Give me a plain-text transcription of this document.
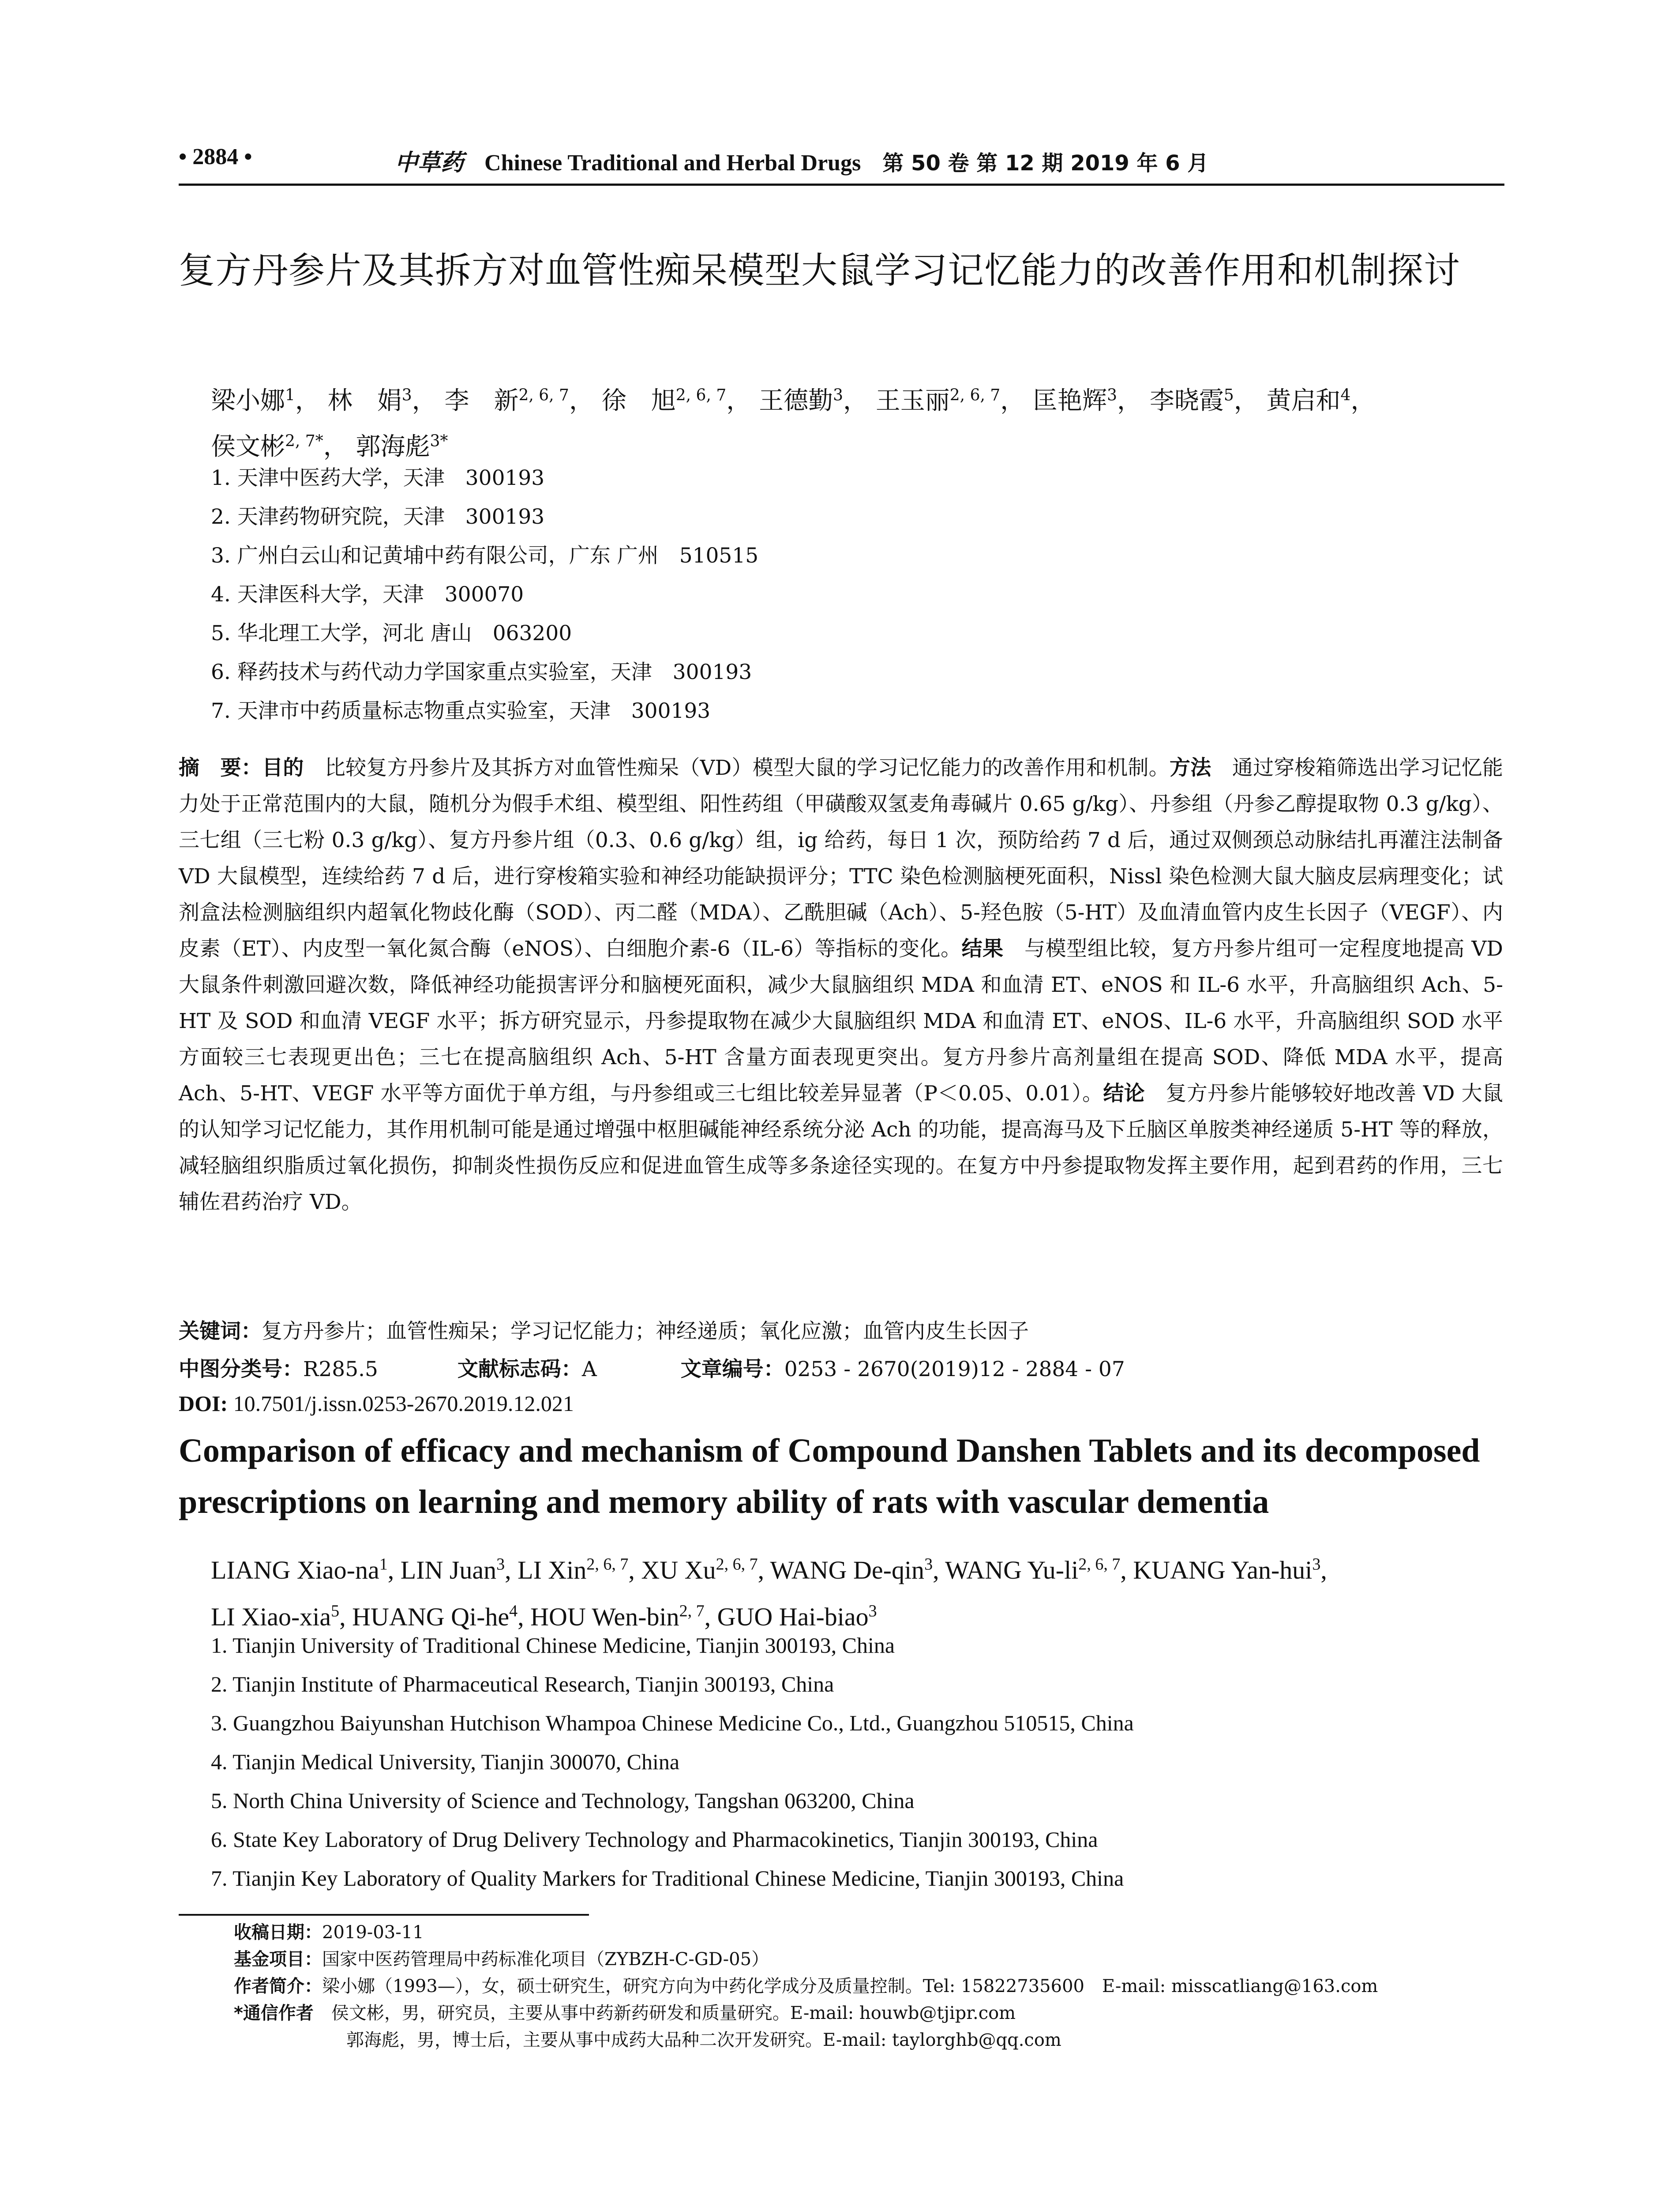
• 2884 •	中草药 Chinese Traditional and Herbal Drugs 第 50 卷 第 12 期 2019 年 6 月
复方丹参片及其拆方对血管性痴呆模型大鼠学习记忆能力的改善作用和机制探讨
梁小娜$^1$， 林　娟$^3$， 李　新$^{2, 6, 7}$， 徐　旭$^{2, 6, 7}$， 王德勤$^3$， 王玉丽$^{2, 6, 7}$， 匡艳辉$^3$， 李晓霞$^5$， 黄启和$^4$，
侯文彬$^{2, 7*}$， 郭海彪$^{3*}$
1. 天津中医药大学，天津　300193
2. 天津药物研究院，天津　300193
3. 广州白云山和记黄埔中药有限公司，广东 广州　510515
4. 天津医科大学，天津　300070
5. 华北理工大学，河北 唐山　063200
6. 释药技术与药代动力学国家重点实验室，天津　300193
7. 天津市中药质量标志物重点实验室，天津　300193
摘　要：目的　 比较复方丹参片及其拆方对血管性痴呆（VD）模型大鼠的学习记忆能力的改善作用和机制。方法　 通过穿梭箱筛选出学习记忆能力处于正常范围内的大鼠，随机分为假手术组、模型组、阳性药组（甲磺酸双氢麦角毒碱片 0.65 g/kg）、丹参组（丹参乙醇提取物 0.3 g/kg）、三七组（三七粉 0.3 g/kg）、复方丹参片组（0.3、0.6 g/kg）组，ig 给药，每日 1 次，预防给药 7 d 后，通过双侧颈总动脉结扎再灌注法制备 VD 大鼠模型，连续给药 7 d 后，进行穿梭箱实验和神经功能缺损评分；TTC 染色检测脑梗死面积，Nissl 染色检测大鼠大脑皮层病理变化；试剂盒法检测脑组织内超氧化物歧化酶（SOD）、丙二醛（MDA）、乙酰胆碱（Ach）、5-羟色胺（5-HT）及血清血管内皮生长因子（VEGF）、内皮素（ET）、内皮型一氧化氮合酶（eNOS）、白细胞介素-6（IL-6）等指标的变化。结果　 与模型组比较，复方丹参片组可一定程度地提高 VD 大鼠条件刺激回避次数，降低神经功能损害评分和脑梗死面积，减少大鼠脑组织 MDA 和血清 ET、eNOS 和 IL-6 水平，升高脑组织 Ach、5-HT 及 SOD 和血清 VEGF 水平；拆方研究显示，丹参提取物在减少大鼠脑组织 MDA 和血清 ET、eNOS、IL-6 水平，升高脑组织 SOD 水平方面较三七表现更出色；三七在提高脑组织 Ach、5-HT 含量方面表现更突出。复方丹参片高剂量组在提高 SOD、降低 MDA 水平，提高 Ach、5-HT、VEGF 水平等方面优于单方组，与丹参组或三七组比较差异显著（P＜0.05、0.01）。结论　 复方丹参片能够较好地改善 VD 大鼠的认知学习记忆能力，其作用机制可能是通过增强中枢胆碱能神经系统分泌 Ach 的功能，提高海马及下丘脑区单胺类神经递质 5-HT 等的释放，减轻脑组织脂质过氧化损伤，抑制炎性损伤反应和促进血管生成等多条途径实现的。在复方中丹参提取物发挥主要作用，起到君药的作用，三七辅佐君药治疗 VD。
关键词：复方丹参片；血管性痴呆；学习记忆能力；神经递质；氧化应激；血管内皮生长因子
中图分类号：R285.5	文献标志码：A	文章编号：0253 - 2670(2019)12 - 2884 - 07
DOI: 10.7501/j.issn.0253-2670.2019.12.021
Comparison of efficacy and mechanism of Compound Danshen Tablets and its decomposed prescriptions on learning and memory ability of rats with vascular dementia
LIANG Xiao-$na^1$, LIN Juan$^3$, LI Xin$^{2, 6, 7}$, XU Xu$^{2, 6, 7}$, WANG De-qin$^3$, WANG Yu-li$^{2, 6, 7}$, KUANG Yan-hui$^3$,
LI Xiao-xia$^5$, HUANG $Qi-he^4$, HOU Wen-bin$^{2, 7}$, GUO Hai-biao$^3$
1. Tianjin University of Traditional Chinese Medicine, Tianjin 300193, China
2. Tianjin Institute of Pharmaceutical Research, Tianjin 300193, China
3. Guangzhou Baiyunshan Hutchison Whampoa Chinese Medicine Co., Ltd., Guangzhou 510515, China
4. Tianjin Medical University, Tianjin 300070, China
5. North China University of Science and Technology, Tangshan 063200, China
6. State Key Laboratory of Drug Delivery Technology and Pharmacokinetics, Tianjin 300193, China
7. Tianjin Key Laboratory of Quality Markers for Traditional Chinese Medicine, Tianjin 300193, China
收稿日期：2019-03-11
基金项目：国家中医药管理局中药标准化项目（ZYBZH-C-GD-05）
作者简介：梁小娜（1993—），女，硕士研究生，研究方向为中药化学成分及质量控制。Tel: 15822735600　E-mail: misscatliang@163.com
*通信作者　 侯文彬，男，研究员，主要从事中药新药研发和质量研究。E-mail: houwb@tjipr.com
郭海彪，男，博士后，主要从事中成药大品种二次开发研究。E-mail: taylorghb@qq.com
